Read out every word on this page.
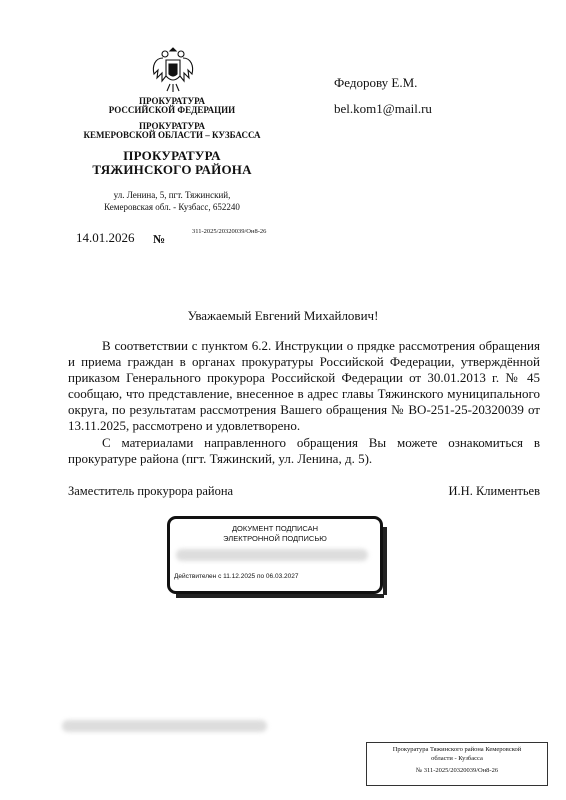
ПРОКУРАТУРА
РОССИЙСКОЙ ФЕДЕРАЦИИ
ПРОКУРАТУРА
КЕМЕРОВСКОЙ ОБЛАСТИ – КУЗБАССА
ПРОКУРАТУРА
ТЯЖИНСКОГО РАЙОНА
ул. Ленина, 5, пгт. Тяжинский,
Кемеровская обл. - Кузбасс, 652240
14.01.2026 №
311-2025/20320039/Он8-26
Федорову Е.М.
bel.kom1@mail.ru
Уважаемый Евгений Михайлович!

В соответствии с пунктом 6.2. Инструкции о прядке рассмотрения обращения и приема граждан в органах прокуратуры Российской Федерации, утверждённой приказом Генерального прокурора Российской Федерации от 30.01.2013 г. № 45 сообщаю, что представление, внесенное в адрес главы Тяжинского муниципального округа, по результатам рассмотрения Вашего обращения № ВО-251-25-20320039 от 13.11.2025, рассмотрено и удовлетворено.

С материалами направленного обращения Вы можете ознакомиться в прокуратуре района (пгт. Тяжинский, ул. Ленина, д. 5).

Заместитель прокурора района	И.Н. Климентьев
ДОКУМЕНТ ПОДПИСАН
ЭЛЕКТРОННОЙ ПОДПИСЬЮ
Действителен с 11.12.2025 по 06.03.2027
Прокуратура Тяжинского района Кемеровской
области - Кузбасса
№ 311-2025/20320039/Он8-26
